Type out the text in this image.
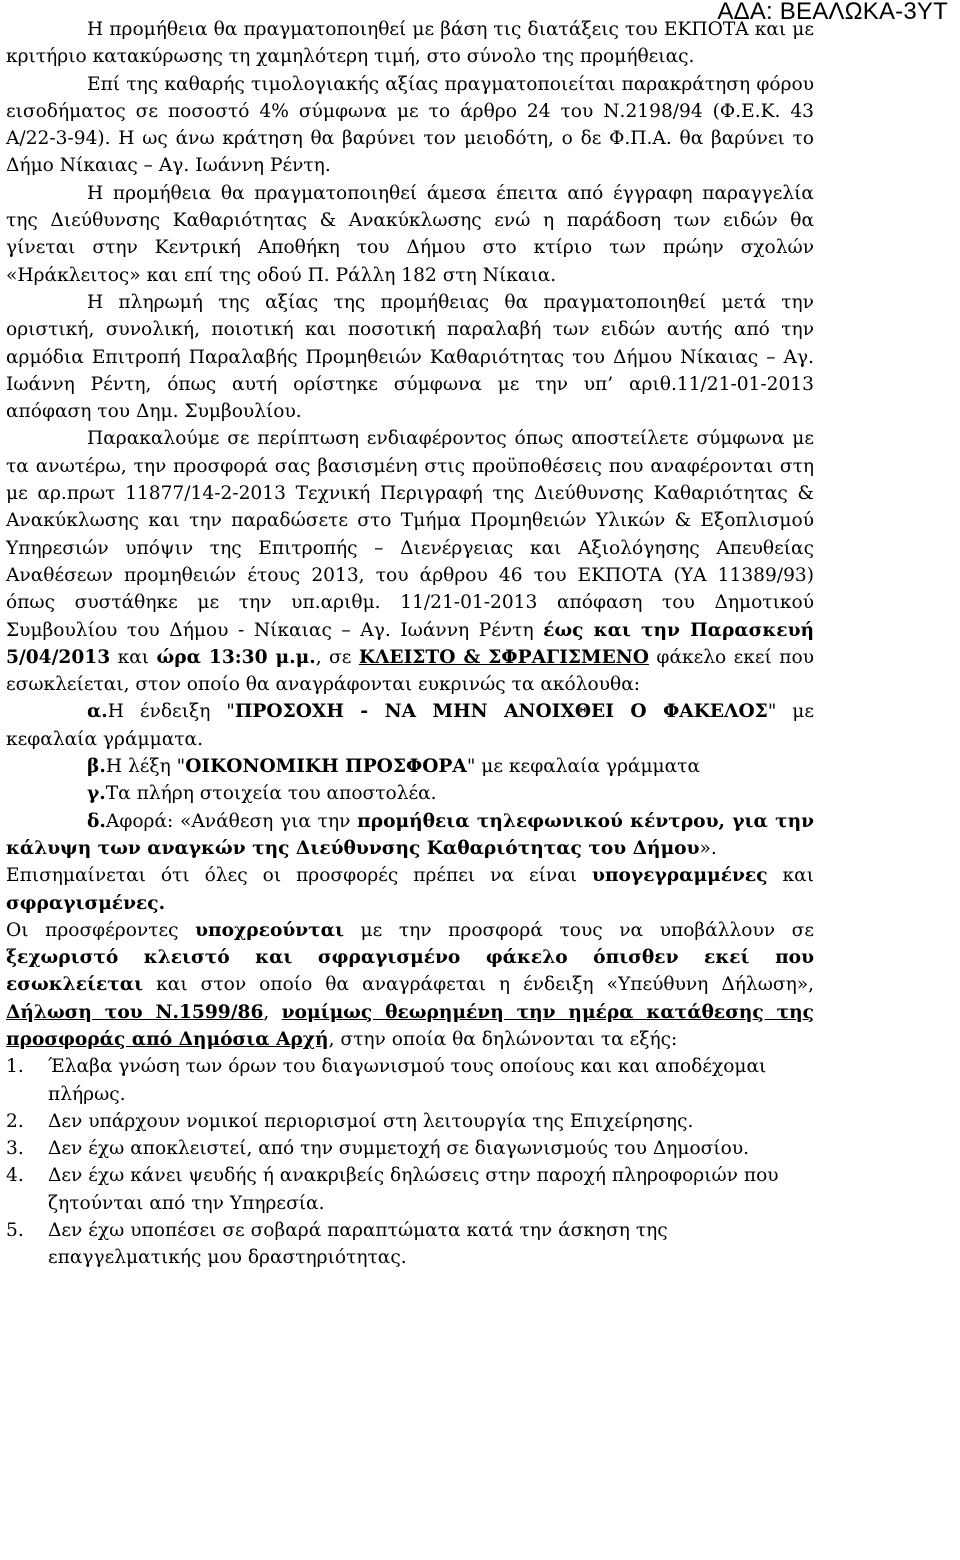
ΑΔΑ: ΒΕΑΛΩΚΑ-3ΥΤ

Η προμήθεια θα πραγματοποιηθεί με βάση τις διατάξεις του ΕΚΠΟΤΑ και με κριτήριο κατακύρωσης τη χαμηλότερη τιμή, στο σύνολο της προμήθειας.

Επί της καθαρής τιμολογιακής αξίας πραγματοποιείται παρακράτηση φόρου εισοδήματος σε ποσοστό 4% σύμφωνα με το άρθρο 24 του Ν.2198/94 (Φ.Ε.Κ. 43 Α/22-3-94). Η ως άνω κράτηση θα βαρύνει τον μειοδότη, ο δε Φ.Π.Α. θα βαρύνει το Δήμο Νίκαιας – Αγ. Ιωάννη Ρέντη.

Η προμήθεια θα πραγματοποιηθεί άμεσα έπειτα από έγγραφη παραγγελία της Διεύθυνσης Καθαριότητας & Ανακύκλωσης ενώ η παράδοση των ειδών θα γίνεται στην Κεντρική Αποθήκη του Δήμου στο κτίριο των πρώην σχολών «Ηράκλειτος» και επί της οδού Π. Ράλλη 182 στη Νίκαια.

Η πληρωμή της αξίας της προμήθειας θα πραγματοποιηθεί μετά την οριστική, συνολική, ποιοτική και ποσοτική παραλαβή των ειδών αυτής από την αρμόδια Επιτροπή Παραλαβής Προμηθειών Καθαριότητας του Δήμου Νίκαιας – Αγ. Ιωάννη Ρέντη, όπως αυτή ορίστηκε σύμφωνα με την υπ’ αριθ.11/21-01-2013 απόφαση του Δημ. Συμβουλίου.

Παρακαλούμε σε περίπτωση ενδιαφέροντος όπως αποστείλετε σύμφωνα με τα ανωτέρω, την προσφορά σας βασισμένη στις προϋποθέσεις που αναφέρονται στη με αρ.πρωτ 11877/14-2-2013 Τεχνική Περιγραφή της Διεύθυνσης Καθαριότητας & Ανακύκλωσης και την παραδώσετε στο Τμήμα Προμηθειών Υλικών & Εξοπλισμού Υπηρεσιών υπόψιν της Επιτροπής – Διενέργειας και Αξιολόγησης Απευθείας Αναθέσεων προμηθειών έτους 2013, του άρθρου 46 του ΕΚΠΟΤΑ (ΥΑ 11389/93) όπως συστάθηκε με την υπ.αριθμ. 11/21-01-2013 απόφαση του Δημοτικού Συμβουλίου του Δήμου - Νίκαιας – Αγ. Ιωάννη Ρέντη έως και την Παρασκευή 5/04/2013 και ώρα 13:30 μ.μ., σε ΚΛΕΙΣΤΟ & ΣΦΡΑΓΙΣΜΕΝΟ φάκελο εκεί που εσωκλείεται, στον οποίο θα αναγράφονται ευκρινώς τα ακόλουθα:

α.Η ένδειξη "ΠΡΟΣΟΧΗ - ΝΑ ΜΗΝ ΑΝΟΙΧΘΕΙ Ο ΦΑΚΕΛΟΣ" με κεφαλαία γράμματα.

β.Η λέξη "ΟΙΚΟΝΟΜΙΚΗ ΠΡΟΣΦΟΡΑ" με κεφαλαία γράμματα

γ.Τα πλήρη στοιχεία του αποστολέα.

δ.Αφορά: «Ανάθεση για την προμήθεια τηλεφωνικού κέντρου, για την κάλυψη των αναγκών της Διεύθυνσης Καθαριότητας του Δήμου».

Επισημαίνεται ότι όλες οι προσφορές πρέπει να είναι υπογεγραμμένες και σφραγισμένες.

Οι προσφέροντες υποχρεούνται με την προσφορά τους να υποβάλλουν σε ξεχωριστό κλειστό και σφραγισμένο φάκελο όπισθεν εκεί που εσωκλείεται και στον οποίο θα αναγράφεται η ένδειξη «Υπεύθυνη Δήλωση», Δήλωση του Ν.1599/86, νομίμως θεωρημένη την ημέρα κατάθεσης της προσφοράς από Δημόσια Αρχή, στην οποία θα δηλώνονται τα εξής:

1. Έλαβα γνώση των όρων του διαγωνισμού τους οποίους και και αποδέχομαι πλήρως.
2. Δεν υπάρχουν νομικοί περιορισμοί στη λειτουργία της Επιχείρησης.
3. Δεν έχω αποκλειστεί, από την συμμετοχή σε διαγωνισμούς του Δημοσίου.
4. Δεν έχω κάνει ψευδής ή ανακριβείς δηλώσεις στην παροχή πληροφοριών που ζητούνται από την Υπηρεσία.
5. Δεν έχω υποπέσει σε σοβαρά παραπτώματα κατά την άσκηση της επαγγελματικής μου δραστηριότητας.
